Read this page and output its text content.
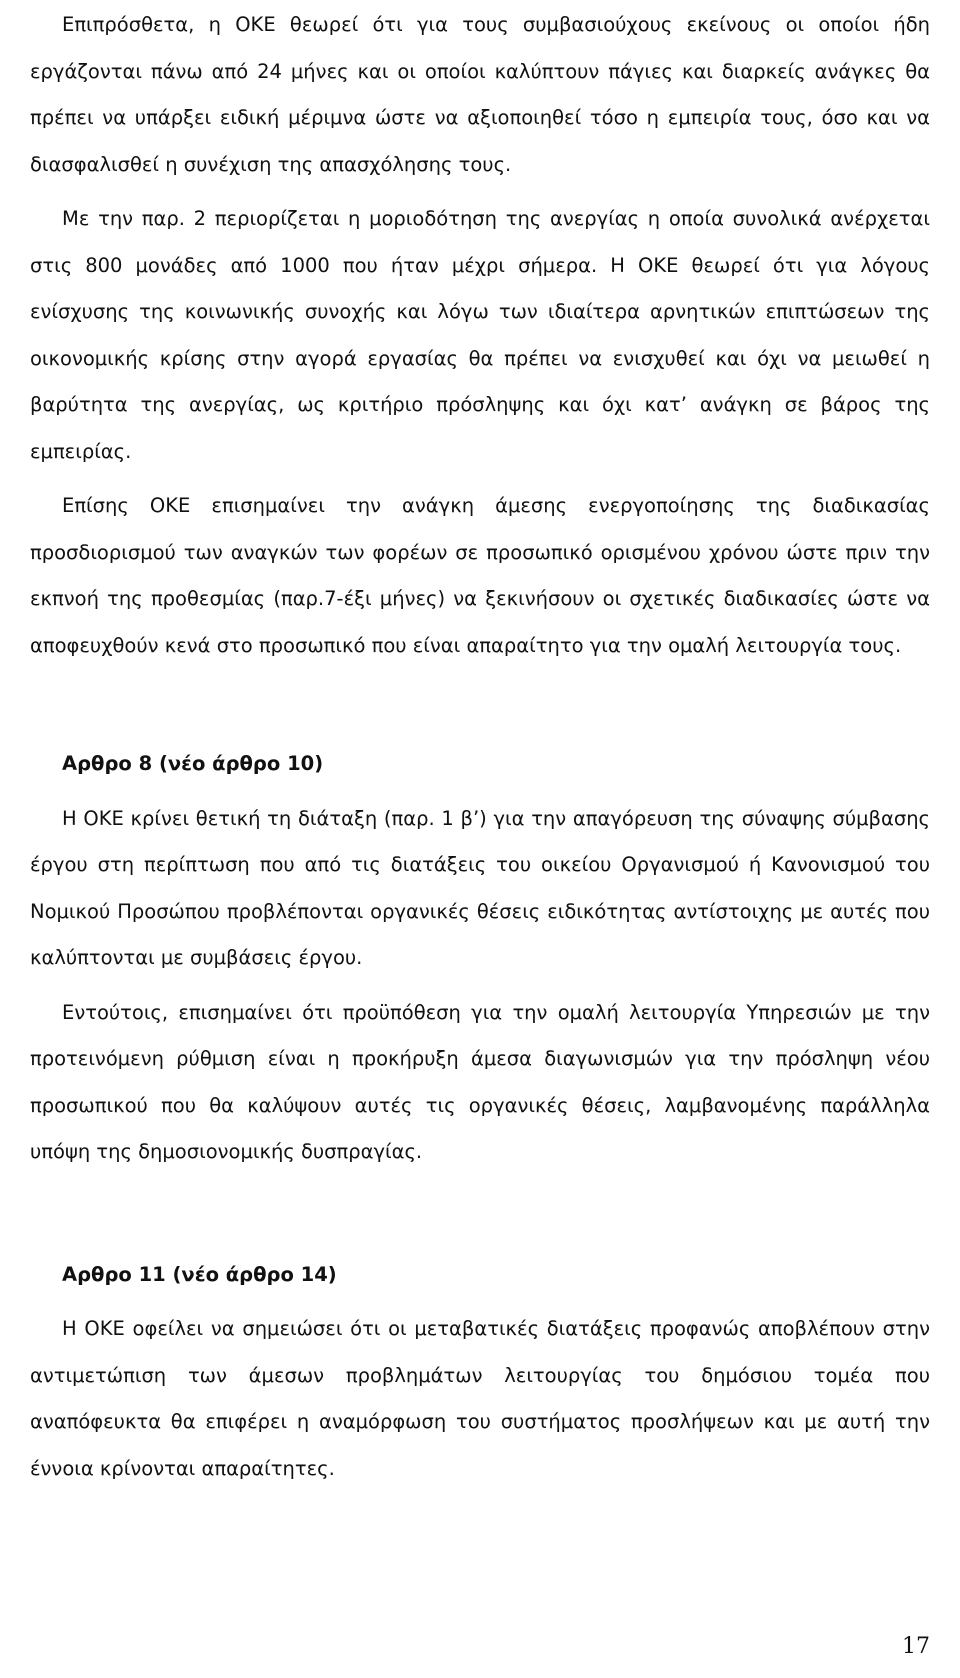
Επιπρόσθετα, η ΟΚΕ θεωρεί ότι για τους συμβασιούχους εκείνους οι οποίοι ήδη εργάζονται πάνω από 24 μήνες και οι οποίοι καλύπτουν πάγιες και διαρκείς ανάγκες θα πρέπει να υπάρξει ειδική μέριμνα ώστε να αξιοποιηθεί τόσο η εμπειρία τους, όσο και να διασφαλισθεί η συνέχιση της απασχόλησης τους.

Με την παρ. 2 περιορίζεται η μοριοδότηση της ανεργίας η οποία συνολικά ανέρχεται στις 800 μονάδες από 1000 που ήταν μέχρι σήμερα. Η ΟΚΕ θεωρεί ότι για λόγους ενίσχυσης της κοινωνικής συνοχής και λόγω των ιδιαίτερα αρνητικών επιπτώσεων της οικονομικής κρίσης στην αγορά εργασίας θα πρέπει να ενισχυθεί και όχι να μειωθεί η βαρύτητα της ανεργίας, ως κριτήριο πρόσληψης και όχι κατ’ ανάγκη σε βάρος της εμπειρίας.

Επίσης ΟΚΕ επισημαίνει την ανάγκη άμεσης ενεργοποίησης της διαδικασίας προσδιορισμού των αναγκών των φορέων σε προσωπικό ορισμένου χρόνου ώστε πριν την εκπνοή της προθεσμίας (παρ.7-έξι μήνες) να ξεκινήσουν οι σχετικές διαδικασίες ώστε να αποφευχθούν κενά στο προσωπικό που είναι απαραίτητο για την ομαλή λειτουργία τους.

Αρθρο 8 (νέο άρθρο 10)

Η ΟΚΕ κρίνει θετική τη διάταξη (παρ. 1 β’) για την απαγόρευση της σύναψης σύμβασης έργου στη περίπτωση που από τις διατάξεις του οικείου Οργανισμού ή Κανονισμού του Νομικού Προσώπου προβλέπονται οργανικές θέσεις ειδικότητας αντίστοιχης με αυτές που καλύπτονται με συμβάσεις έργου.

Εντούτοις, επισημαίνει ότι προϋπόθεση για την ομαλή λειτουργία Υπηρεσιών με την προτεινόμενη ρύθμιση είναι η προκήρυξη άμεσα διαγωνισμών για την πρόσληψη νέου προσωπικού που θα καλύψουν αυτές τις οργανικές θέσεις, λαμβανομένης παράλληλα υπόψη της δημοσιονομικής δυσπραγίας.

Αρθρο 11 (νέο άρθρο 14)

Η ΟΚΕ οφείλει να σημειώσει ότι οι μεταβατικές διατάξεις προφανώς αποβλέπουν στην αντιμετώπιση των άμεσων προβλημάτων λειτουργίας του δημόσιου τομέα που αναπόφευκτα θα επιφέρει η αναμόρφωση του συστήματος προσλήψεων και με αυτή την έννοια κρίνονται απαραίτητες.

17
